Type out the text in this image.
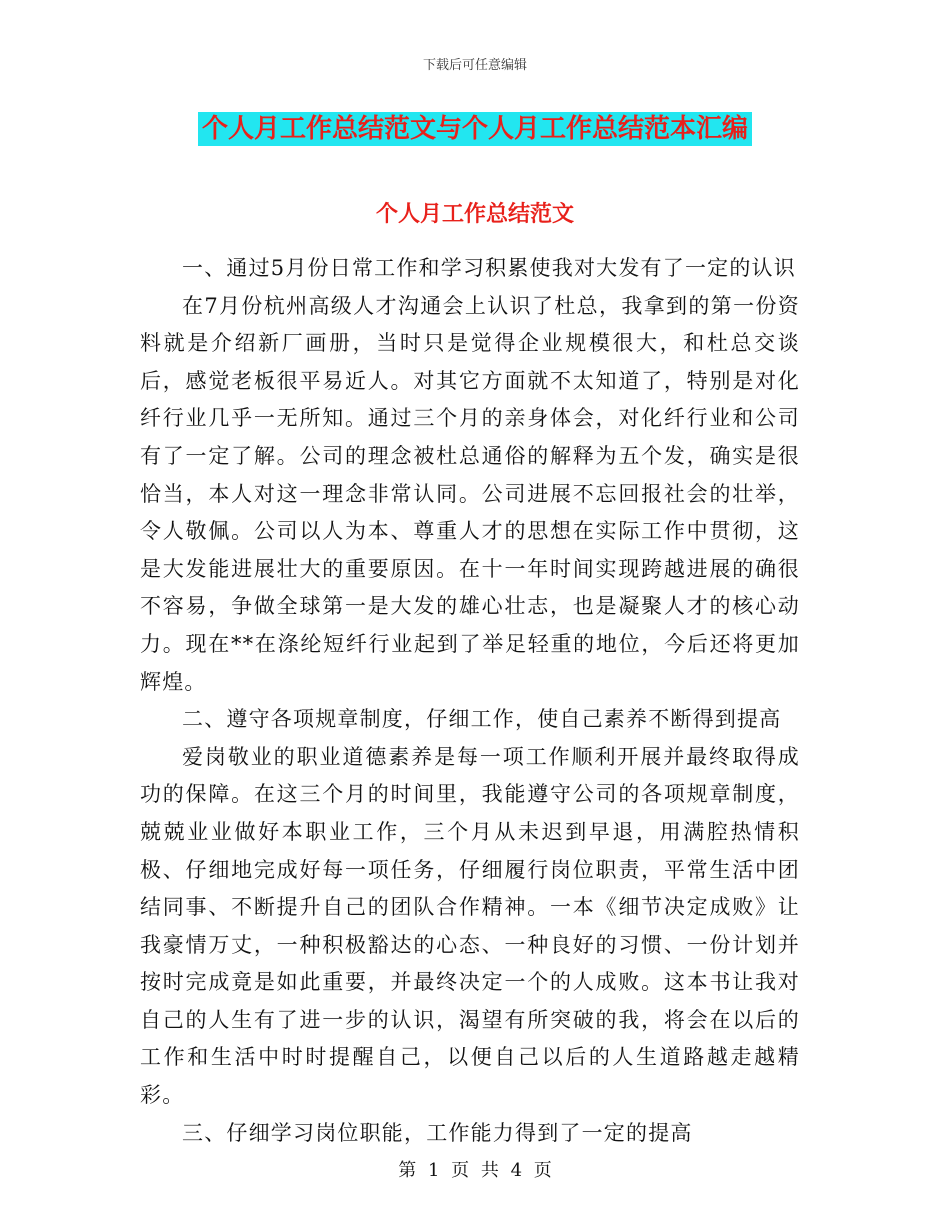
下载后可任意编辑
个人月工作总结范文与个人月工作总结范本汇编
个人月工作总结范文

一、通过5月份日常工作和学习积累使我对大发有了一定的认识

在7月份杭州高级人才沟通会上认识了杜总，我拿到的第一份资料就是介绍新厂画册，当时只是觉得企业规模很大，和杜总交谈后，感觉老板很平易近人。对其它方面就不太知道了，特别是对化纤行业几乎一无所知。通过三个月的亲身体会，对化纤行业和公司有了一定了解。公司的理念被杜总通俗的解释为五个发，确实是很恰当，本人对这一理念非常认同。公司进展不忘回报社会的壮举，令人敬佩。公司以人为本、尊重人才的思想在实际工作中贯彻，这是大发能进展壮大的重要原因。在十一年时间实现跨越进展的确很不容易，争做全球第一是大发的雄心壮志，也是凝聚人才的核心动力。现在**在涤纶短纤行业起到了举足轻重的地位，今后还将更加辉煌。

二、遵守各项规章制度，仔细工作，使自己素养不断得到提高

爱岗敬业的职业道德素养是每一项工作顺利开展并最终取得成功的保障。在这三个月的时间里，我能遵守公司的各项规章制度，兢兢业业做好本职业工作，三个月从未迟到早退，用满腔热情积极、仔细地完成好每一项任务，仔细履行岗位职责，平常生活中团结同事、不断提升自己的团队合作精神。一本《细节决定成败》让我豪情万丈，一种积极豁达的心态、一种良好的习惯、一份计划并按时完成竟是如此重要，并最终决定一个的人成败。这本书让我对自己的人生有了进一步的认识，渴望有所突破的我，将会在以后的工作和生活中时时提醒自己，以便自己以后的人生道路越走越精彩。

三、仔细学习岗位职能，工作能力得到了一定的提高

第 1 页 共 4 页
